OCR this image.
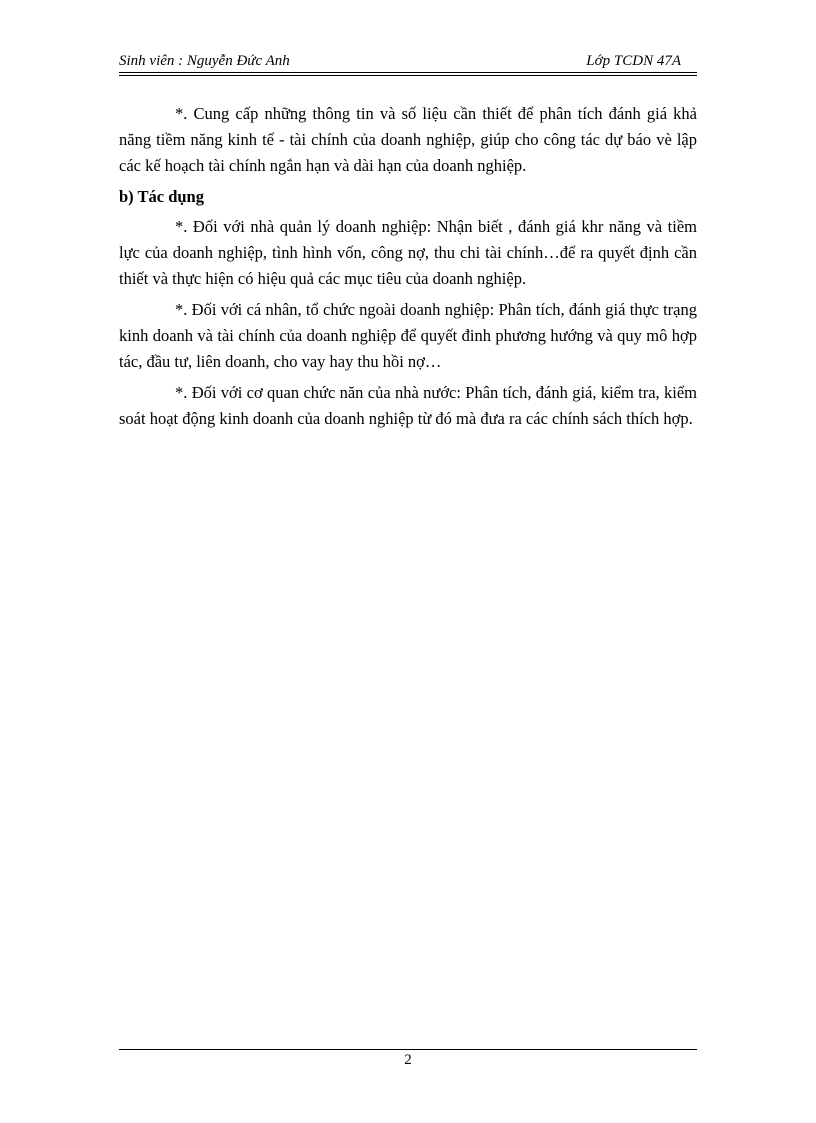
Sinh viên : Nguyễn Đức Anh	Lớp TCDN 47A

*. Cung cấp những thông tin và số liệu cần thiết để phân tích đánh giá khả năng tiềm năng kinh tế - tài chính của doanh nghiệp, giúp cho công tác dự báo vè lập các kế hoạch tài chính ngắn hạn và dài hạn của doanh nghiệp.

b) Tác dụng

*. Đối với nhà quản lý doanh nghiệp: Nhận biết , đánh giá khr năng và tiềm lực của doanh nghiệp, tình hình vốn, công nợ, thu chi tài chính…để ra quyết định cần thiết và thực hiện có hiệu quả các mục tiêu của doanh nghiệp.

*. Đối với cá nhân, tổ chức ngoài doanh nghiệp: Phân tích, đánh giá thực trạng kinh doanh và tài chính của doanh nghiệp để quyết đinh phương hướng và quy mô hợp tác, đầu tư, liên doanh, cho vay hay thu hồi nợ…

*. Đối với cơ quan chức năn của nhà nước: Phân tích, đánh giá, kiểm tra, kiểm soát hoạt động kinh doanh của doanh nghiệp từ đó mà đưa ra các chính sách thích hợp.

2
